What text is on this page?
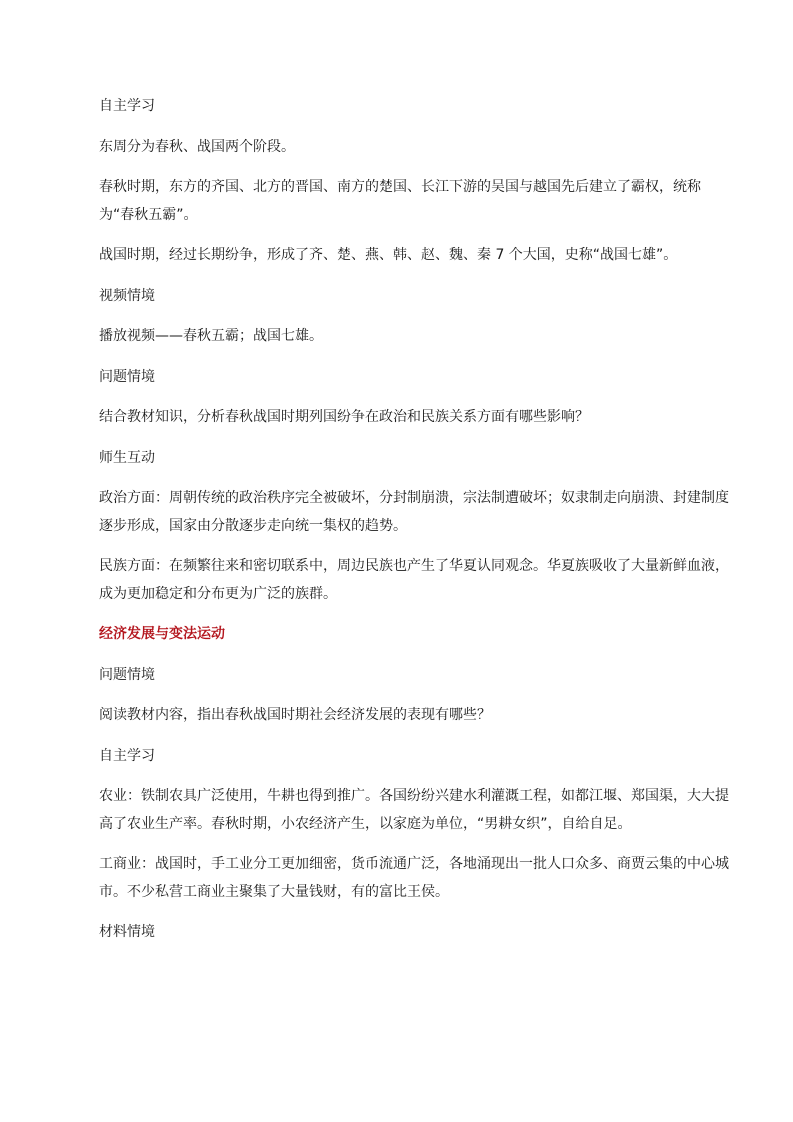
自主学习

东周分为春秋、战国两个阶段。

春秋时期，东方的齐国、北方的晋国、南方的楚国、长江下游的吴国与越国先后建立了霸权，统称为“春秋五霸”。

战国时期，经过长期纷争，形成了齐、楚、燕、韩、赵、魏、秦 7 个大国，史称“战国七雄”。

视频情境

播放视频——春秋五霸；战国七雄。

问题情境

结合教材知识，分析春秋战国时期列国纷争在政治和民族关系方面有哪些影响？

师生互动

政治方面：周朝传统的政治秩序完全被破坏，分封制崩溃，宗法制遭破坏；奴隶制走向崩溃、封建制度逐步形成，国家由分散逐步走向统一集权的趋势。

民族方面：在频繁往来和密切联系中，周边民族也产生了华夏认同观念。华夏族吸收了大量新鲜血液，成为更加稳定和分布更为广泛的族群。

经济发展与变法运动

问题情境

阅读教材内容，指出春秋战国时期社会经济发展的表现有哪些？

自主学习

农业：铁制农具广泛使用，牛耕也得到推广。各国纷纷兴建水利灌溉工程，如都江堰、郑国渠，大大提高了农业生产率。春秋时期，小农经济产生，以家庭为单位，“男耕女织”，自给自足。

工商业：战国时，手工业分工更加细密，货币流通广泛，各地涌现出一批人口众多、商贾云集的中心城市。不少私营工商业主聚集了大量钱财，有的富比王侯。

材料情境
